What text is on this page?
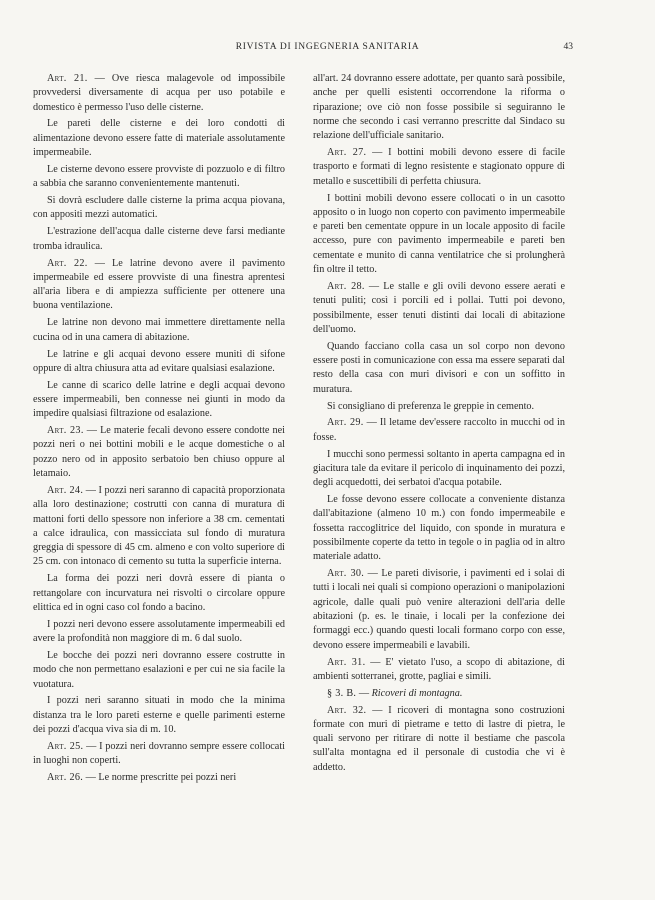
RIVISTA DI INGEGNERIA SANITARIA	43

Art. 21. — Ove riesca malagevole od impossibile provvedersi diversamente di acqua per uso potabile e domestico è permesso l'uso delle cisterne.

Le pareti delle cisterne e dei loro condotti di alimentazione devono essere fatte di materiale assolutamente impermeabile.

Le cisterne devono essere provviste di pozzuolo e di filtro a sabbia che saranno convenientemente mantenuti.

Si dovrà escludere dalle cisterne la prima acqua piovana, con appositi mezzi automatici.

L'estrazione dell'acqua dalle cisterne deve farsi mediante tromba idraulica.

Art. 22. — Le latrine devono avere il pavimento impermeabile ed essere provviste di una finestra aprentesi all'aria libera e di ampiezza sufficiente per ottenere una buona ventilazione.

Le latrine non devono mai immettere direttamente nella cucina od in una camera di abitazione.

Le latrine e gli acquai devono essere muniti di sifone oppure di altra chiusura atta ad evitare qualsiasi esalazione.

Le canne di scarico delle latrine e degli acquai devono essere impermeabili, ben connesse nei giunti in modo da impedire qualsiasi filtrazione od esalazione.

Art. 23. — Le materie fecali devono essere condotte nei pozzi neri o nei bottini mobili e le acque domestiche o al pozzo nero od in apposito serbatoio ben chiuso oppure al letamaio.

Art. 24. — I pozzi neri saranno di capacità proporzionata alla loro destinazione; costrutti con canna di muratura di mattoni forti dello spessore non inferiore a 38 cm. cementati a calce idraulica, con massicciata sul fondo di muratura greggia di spessore di 45 cm. almeno e con volto superiore di 25 cm. con intonaco di cemento su tutta la superficie interna.

La forma dei pozzi neri dovrà essere di pianta o rettangolare con incurvatura nei risvolti o circolare oppure elittica ed in ogni caso col fondo a bacino.

I pozzi neri devono essere assolutamente impermeabili ed avere la profondità non maggiore di m. 6 dal suolo.

Le bocche dei pozzi neri dovranno essere costrutte in modo che non permettano esalazioni e per cui ne sia facile la vuotatura.

I pozzi neri saranno situati in modo che la minima distanza tra le loro pareti esterne e quelle parimenti esterne dei pozzi d'acqua viva sia di m. 10.

Art. 25. — I pozzi neri dovranno sempre essere collocati in luoghi non coperti.

Art. 26. — Le norme prescritte pei pozzi neri

all'art. 24 dovranno essere adottate, per quanto sarà possibile, anche per quelli esistenti occorrendone la riforma o riparazione; ove ciò non fosse possibile si seguiranno le norme che secondo i casi verranno prescritte dal Sindaco su relazione dell'ufficiale sanitario.

Art. 27. — I bottini mobili devono essere di facile trasporto e formati di legno resistente e stagionato oppure di metallo e suscettibili di perfetta chiusura.

I bottini mobili devono essere collocati o in un casotto apposito o in luogo non coperto con pavimento impermeabile e pareti ben cementate oppure in un locale apposito di facile accesso, pure con pavimento impermeabile e pareti ben cementate e munito di canna ventilatrice che si prolungherà fin oltre il tetto.

Art. 28. — Le stalle e gli ovili devono essere aerati e tenuti puliti; così i porcili ed i pollai. Tutti poi devono, possibilmente, esser tenuti distinti dai locali di abitazione dell'uomo.

Quando facciano colla casa un sol corpo non devono essere posti in comunicazione con essa ma essere separati dal resto della casa con muri divisori e con un soffitto in muratura.

Si consigliano di preferenza le greppie in cemento.

Art. 29. — Il letame dev'essere raccolto in mucchi od in fosse.

I mucchi sono permessi soltanto in aperta campagna ed in giacitura tale da evitare il pericolo di inquinamento dei pozzi, degli acquedotti, dei serbatoi d'acqua potabile.

Le fosse devono essere collocate a conveniente distanza dall'abitazione (almeno 10 m.) con fondo impermeabile e fossetta raccoglitrice del liquido, con sponde in muratura e possibilmente coperte da tetto in tegole o in paglia od in altro materiale adatto.

Art. 30. — Le pareti divisorie, i pavimenti ed i solai di tutti i locali nei quali si compiono operazioni o manipolazioni agricole, dalle quali può venire alterazioni dell'aria delle abitazioni (p. es. le tinaie, i locali per la confezione dei formaggi ecc.) quando questi locali formano corpo con esse, devono essere impermeabili e lavabili.

Art. 31. — E' vietato l'uso, a scopo di abitazione, di ambienti sotterranei, grotte, pagliai e simili.

§ 3. B. — Ricoveri di montagna.

Art. 32. — I ricoveri di montagna sono costruzioni formate con muri di pietrame e tetto di lastre di pietra, le quali servono per ritirare di notte il bestiame che pascola sull'alta montagna ed il personale di custodia che vi è addetto.
